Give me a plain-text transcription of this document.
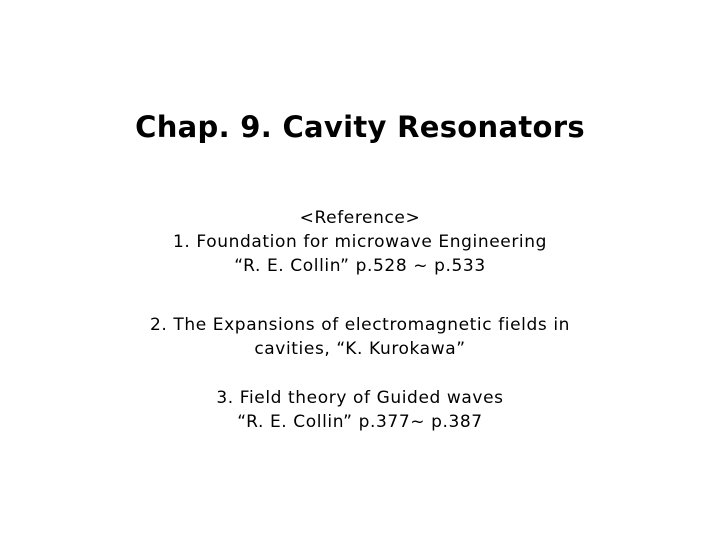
Chap. 9. Cavity Resonators
<Reference>
1. Foundation for microwave Engineering
“R. E. Collin” p.528 ~ p.533
2. The Expansions of electromagnetic fields in
cavities, “K. Kurokawa”
3. Field theory of Guided waves
“R. E. Collin” p.377~ p.387
